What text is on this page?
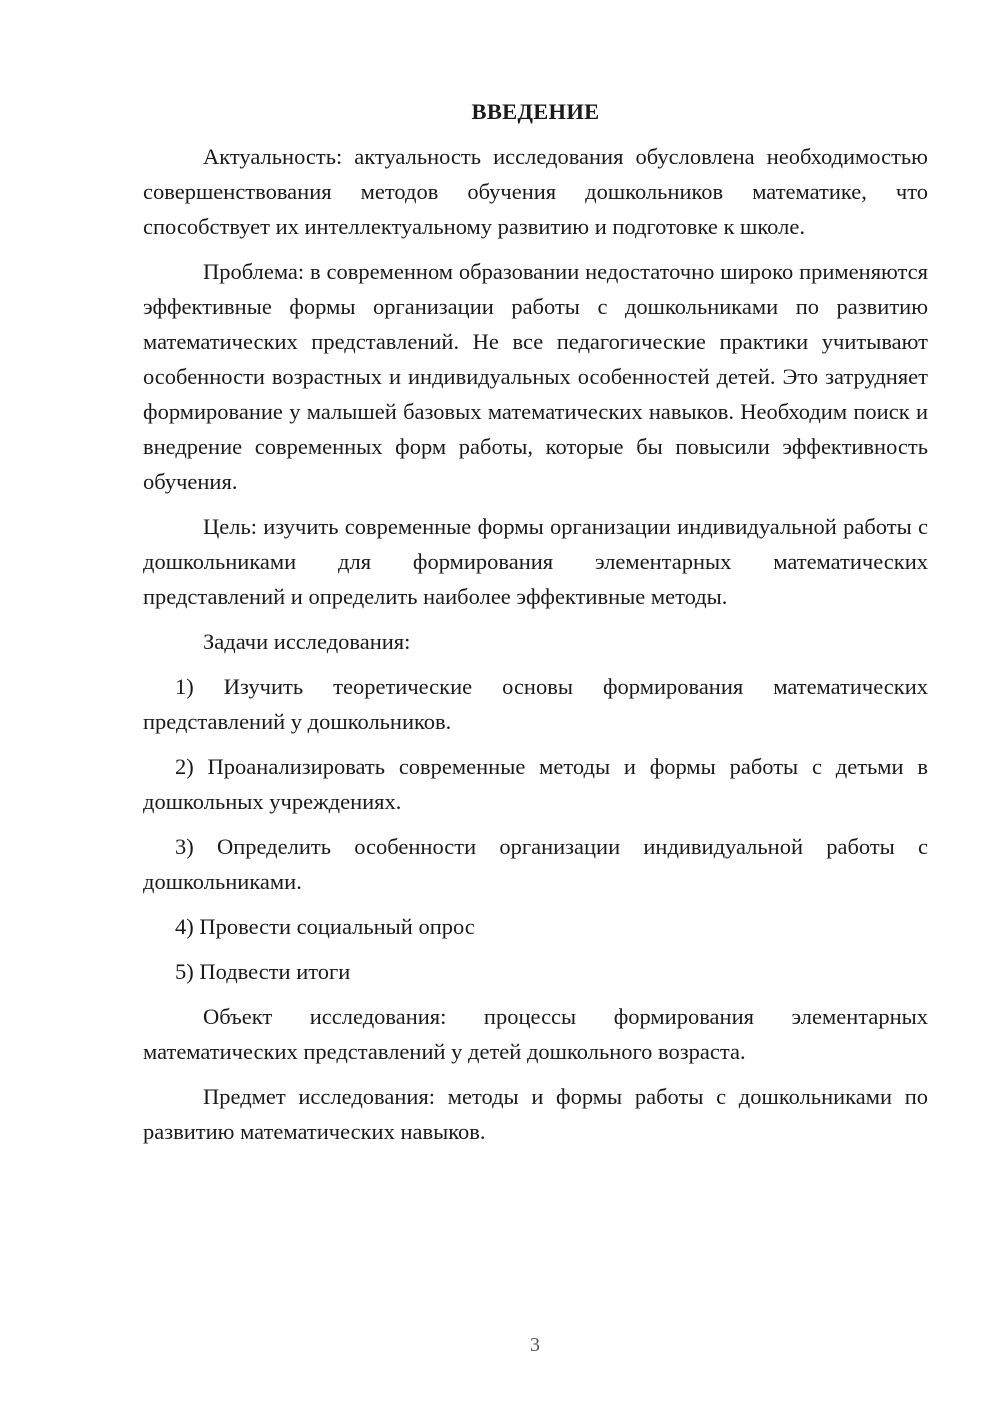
ВВЕДЕНИЕ

Актуальность: актуальность исследования обусловлена необходимостью совершенствования методов обучения дошкольников математике, что способствует их интеллектуальному развитию и подготовке к школе.

Проблема: в современном образовании недостаточно широко применяются эффективные формы организации работы с дошкольниками по развитию математических представлений. Не все педагогические практики учитывают особенности возрастных и индивидуальных особенностей детей. Это затрудняет формирование у малышей базовых математических навыков. Необходим поиск и внедрение современных форм работы, которые бы повысили эффективность обучения.

Цель: изучить современные формы организации индивидуальной работы с дошкольниками для формирования элементарных математических представлений и определить наиболее эффективные методы.

Задачи исследования:

1) Изучить теоретические основы формирования математических представлений у дошкольников.

2) Проанализировать современные методы и формы работы с детьми в дошкольных учреждениях.

3) Определить особенности организации индивидуальной работы с дошкольниками.

4) Провести социальный опрос

5) Подвести итоги

Объект исследования: процессы формирования элементарных математических представлений у детей дошкольного возраста.

Предмет исследования: методы и формы работы с дошкольниками по развитию математических навыков.

3
